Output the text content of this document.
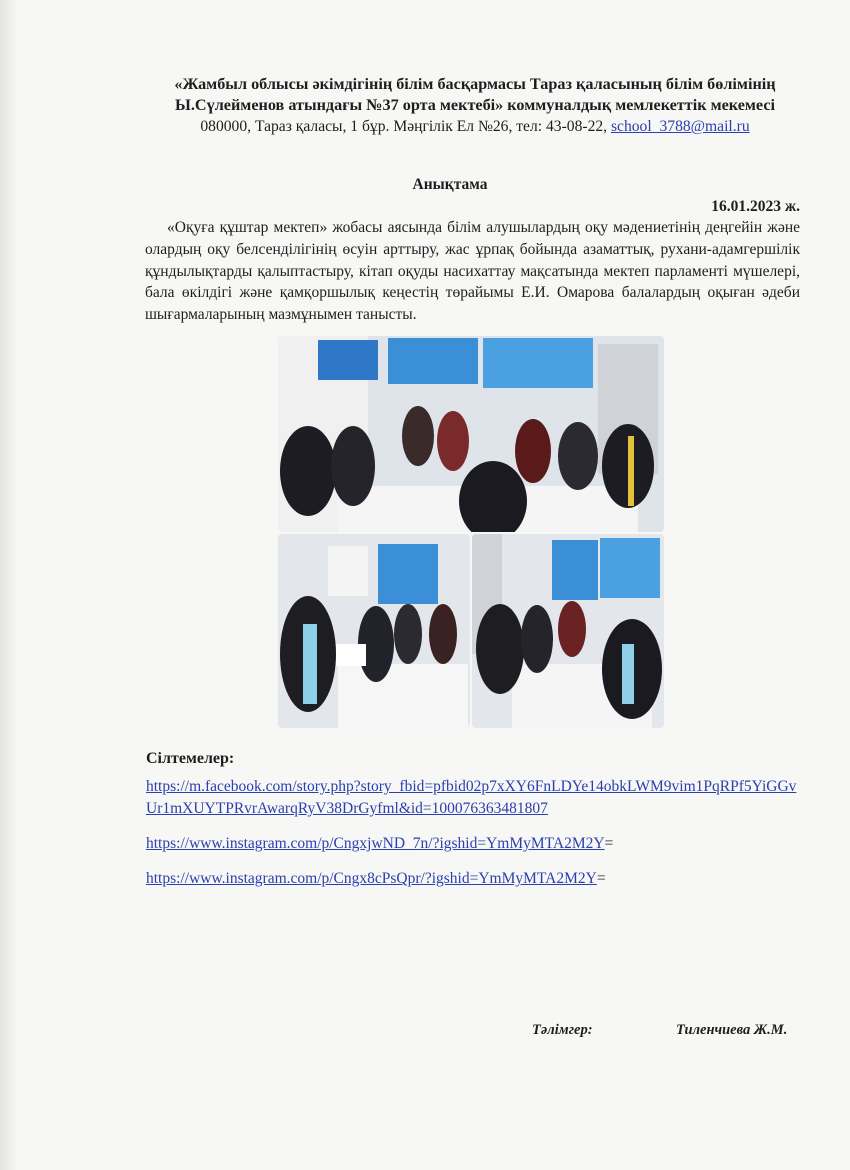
«Жамбыл облысы әкімдігінің білім басқармасы Тараз қаласының білім бөлімінің
Ы.Сүлейменов атындағы №37 орта мектебі» коммуналдық мемлекеттік мекемесі
080000, Тараз қаласы, 1 бұр. Мәңгілік Ел №26, тел: 43-08-22, school_3788@mail.ru
Анықтама
16.01.2023 ж.
«Оқуға құштар мектеп» жобасы аясында білім алушылардың оқу мәдениетінің деңгейін және олардың оқу белсенділігінің өсуін арттыру, жас ұрпақ бойында азаматтық, рухани-адамгершілік құндылықтарды қалыптастыру, кітап оқуды насихаттау мақсатында мектеп парламенті мүшелері, бала өкілдігі және қамқоршылық кеңестің төрайымы Е.И. Омарова балалардың оқыған әдеби шығармаларының мазмұнымен танысты.
Сілтемелер:
https://m.facebook.com/story.php?story_fbid=pfbid02p7xXY6FnLDYe14obkLWM9vim1PqRPf5YiGGvUr1mXUYTPRvrAwarqRyV38DrGyfml&id=100076363481807
https://www.instagram.com/p/CngxjwND_7n/?igshid=YmMyMTA2M2Y=
https://www.instagram.com/p/Cngx8cPsQpr/?igshid=YmMyMTA2M2Y=
Тәлімгер:	Тиленчиева Ж.М.
